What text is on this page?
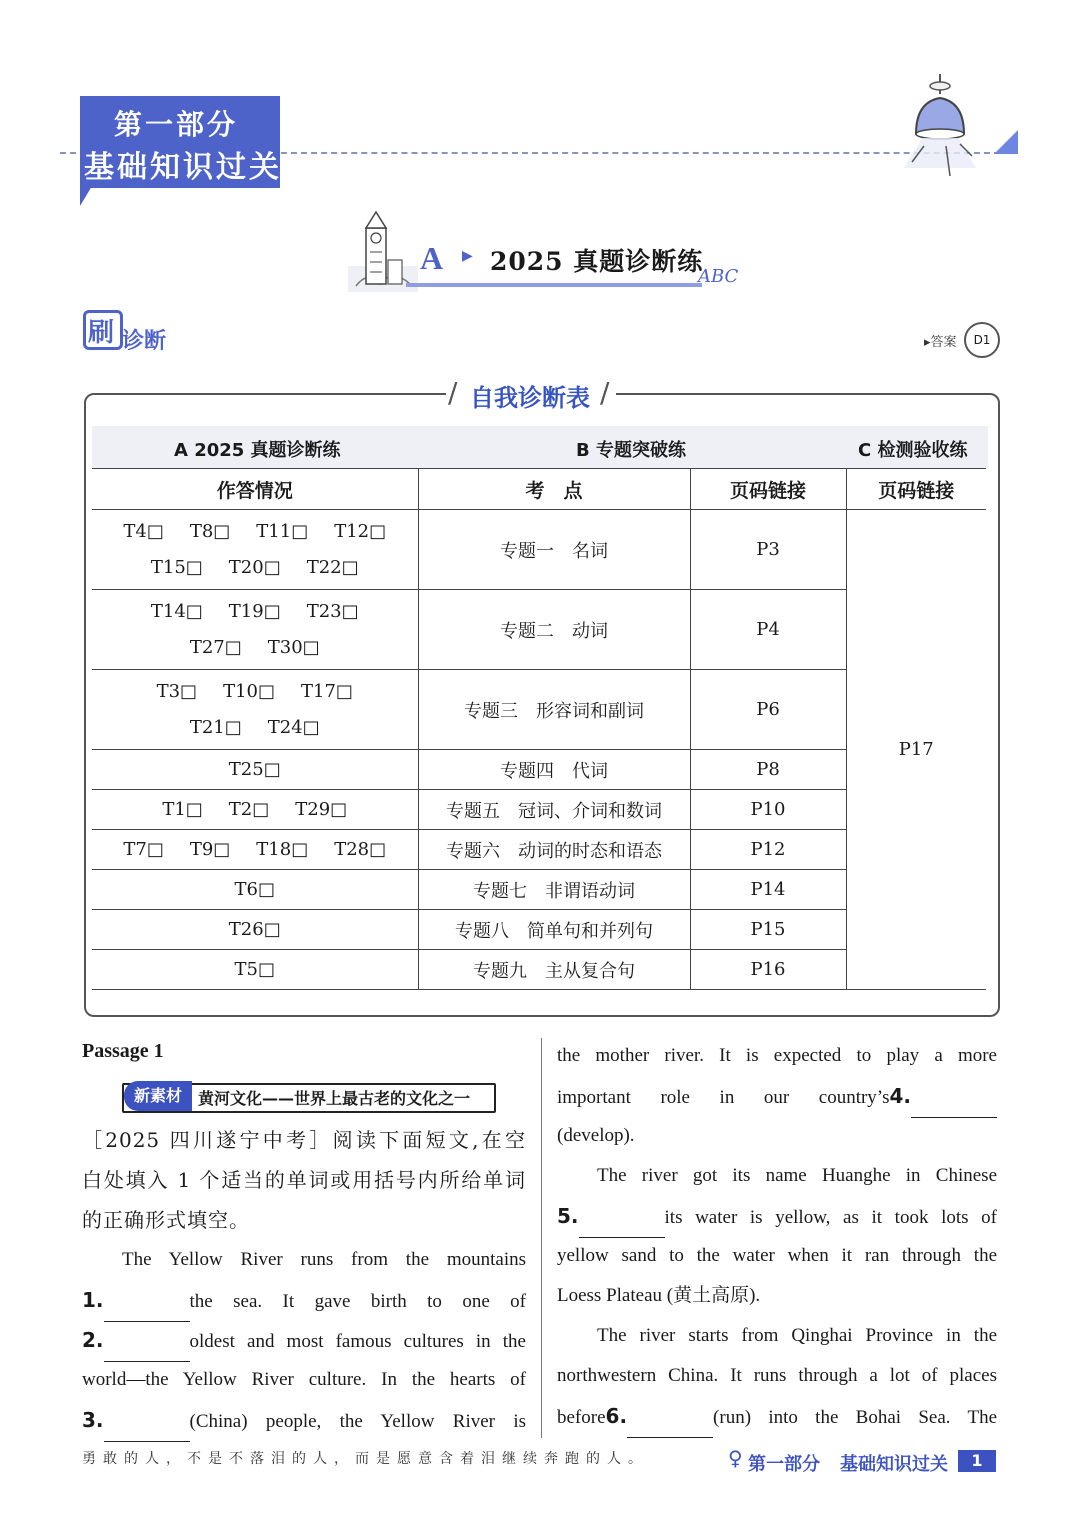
第一部分
基础知识过关
A ▶ 2025 真题诊断练
ABC
刷 诊断	▸答案	D1
/ 自我诊断表 /
A 2025 真题诊断练	B 专题突破练	C 检测验收练
作答情况	考　点	页码链接	页码链接

T4□ T8□ T11□ T12□
T15□ T20□ T22□	专题一　名词	P3	P17

T14□ T19□ T23□
T27□ T30□	专题二　动词	P4	

T3□ T10□ T17□
T21□ T24□	专题三　形容词和副词	P6	

T25□	专题四　代词	P8	

T1□ T2□ T29□	专题五　冠词、介词和数词	P10	

T7□ T9□ T18□ T28□	专题六　动词的时态和语态	P12	

T6□	专题七　非谓语动词	P14	

T26□	专题八　简单句和并列句	P15	

T5□	专题九　主从复合句	P16	
Passage 1
新素材	黄河文化——世界上最古老的文化之一
［2025 四川遂宁中考］阅读下面短文,在空
白处填入 1 个适当的单词或用括号内所给单词
的正确形式填空。
The Yellow River runs from the mountains
1.	the sea. It gave birth to one of
2.	oldest and most famous cultures in the
world—the Yellow River culture. In the hearts of
3.	(China) people, the Yellow River is
the mother river. It is expected to play a more
important role in our country’s4.
(develop).
The river got its name Huanghe in Chinese
5.	its water is yellow, as it took lots of
yellow sand to the water when it ran through the
Loess Plateau (黄土高原).
The river starts from Qinghai Province in the
northwestern China. It runs through a lot of places
before6.	(run) into the Bohai Sea. The
勇敢的人，不是不落泪的人，而是愿意含着泪继续奔跑的人。	♀ 第一部分 基础知识过关	1
